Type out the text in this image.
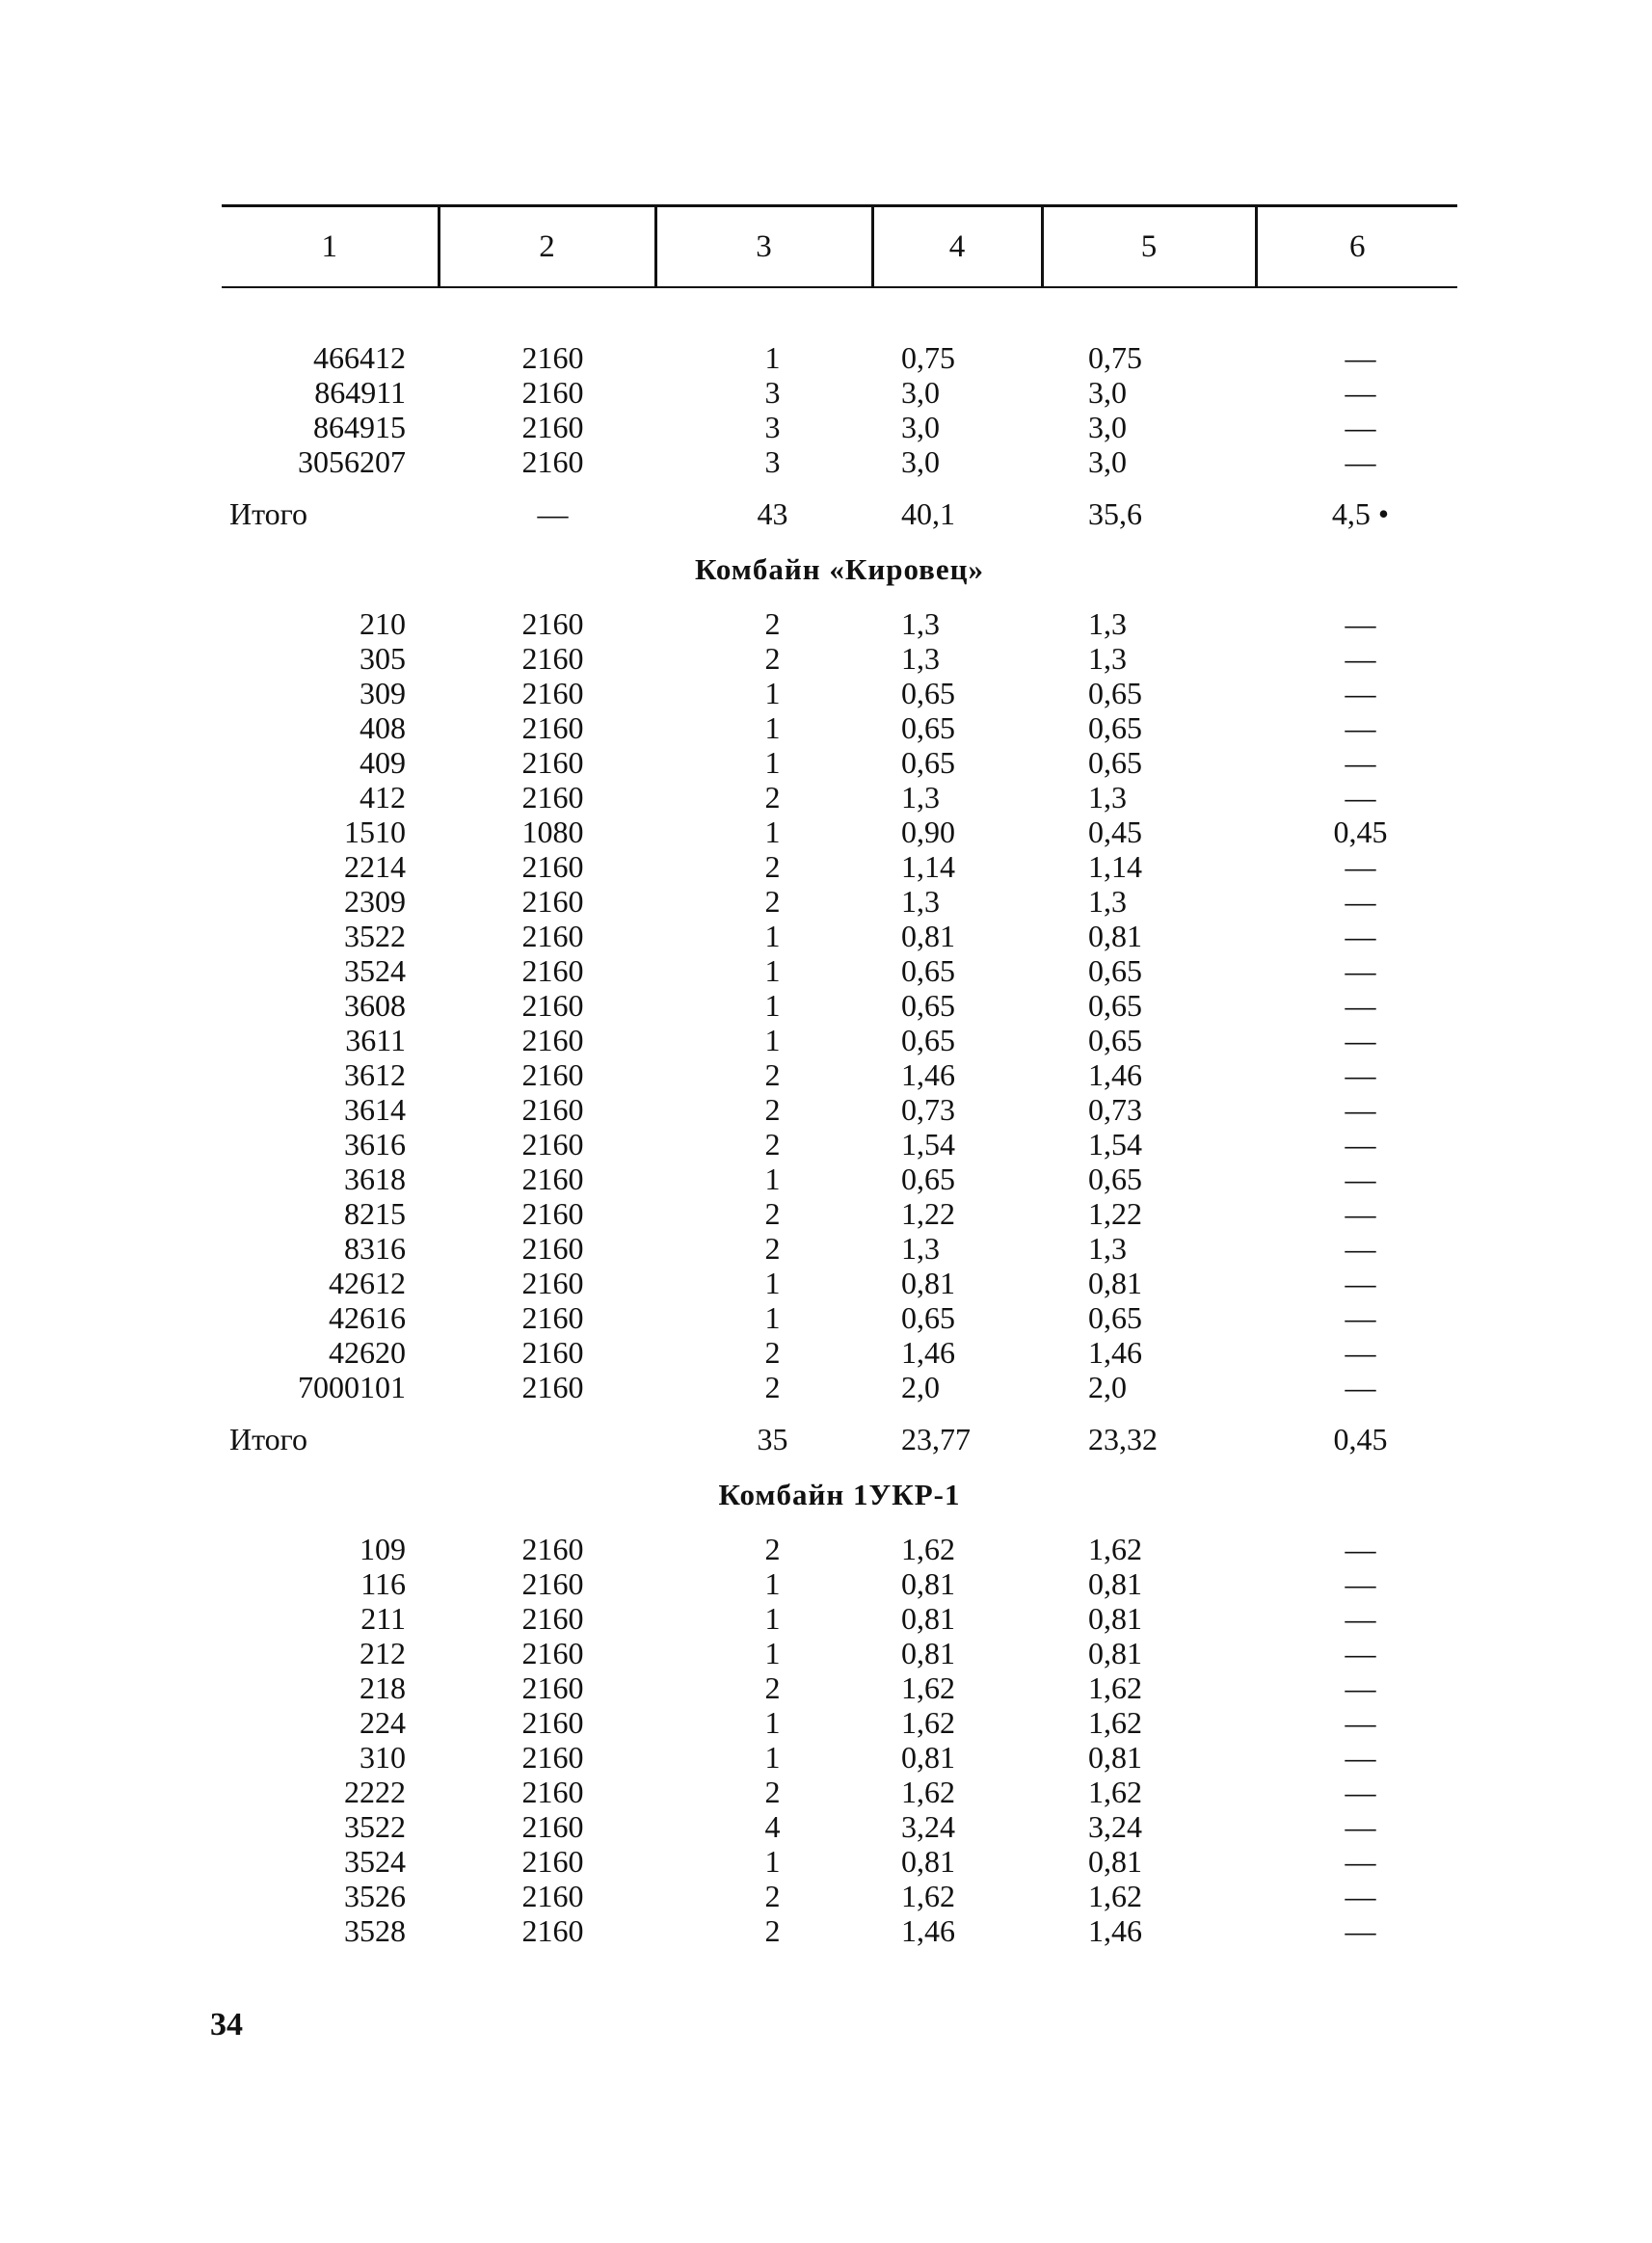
1	2	3	4	5	6

466412	2160	1	0,75	0,75	—
864911	2160	3	3,0	3,0	—
864915	2160	3	3,0	3,0	—
3056207	2160	3	3,0	3,0	—
Итого	—	43	40,1	35,6	4,5 •
Комбайн «Кировец»					
210	2160	2	1,3	1,3	—
305	2160	2	1,3	1,3	—
309	2160	1	0,65	0,65	—
408	2160	1	0,65	0,65	—
409	2160	1	0,65	0,65	—
412	2160	2	1,3	1,3	—
1510	1080	1	0,90	0,45	0,45
2214	2160	2	1,14	1,14	—
2309	2160	2	1,3	1,3	—
3522	2160	1	0,81	0,81	—
3524	2160	1	0,65	0,65	—
3608	2160	1	0,65	0,65	—
3611	2160	1	0,65	0,65	—
3612	2160	2	1,46	1,46	—
3614	2160	2	0,73	0,73	—
3616	2160	2	1,54	1,54	—
3618	2160	1	0,65	0,65	—
8215	2160	2	1,22	1,22	—
8316	2160	2	1,3	1,3	—
42612	2160	1	0,81	0,81	—
42616	2160	1	0,65	0,65	—
42620	2160	2	1,46	1,46	—
7000101	2160	2	2,0	2,0	—
Итого		35	23,77	23,32	0,45
Комбайн 1УКР-1					
109	2160	2	1,62	1,62	—
116	2160	1	0,81	0,81	—
211	2160	1	0,81	0,81	—
212	2160	1	0,81	0,81	—
218	2160	2	1,62	1,62	—
224	2160	1	1,62	1,62	—
310	2160	1	0,81	0,81	—
2222	2160	2	1,62	1,62	—
3522	2160	4	3,24	3,24	—
3524	2160	1	0,81	0,81	—
3526	2160	2	1,62	1,62	—
3528	2160	2	1,46	1,46	—
34
